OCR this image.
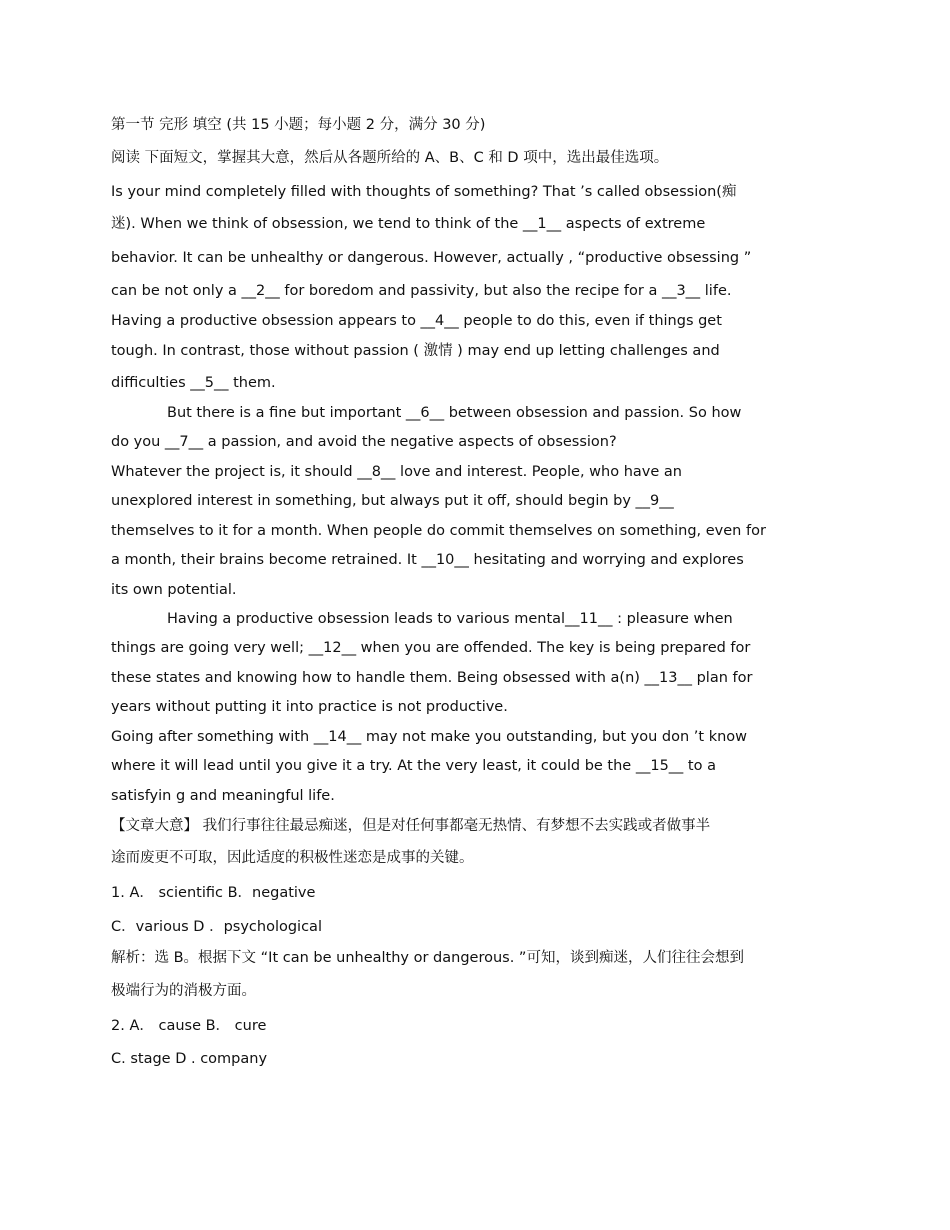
第一节 完形 填空 (共 15 小题；每小题 2 分，满分 30 分)
阅读 下面短文，掌握其大意，然后从各题所给的 A、B、C 和 D 项中，选出最佳选项。
Is your mind completely filled with thoughts of something? That ’s called obsession(痴
迷). When we think of obsession, we tend to think of the __1__ aspects of extreme
behavior. It can be unhealthy or dangerous. However, actually , “productive obsessing ”
can be not only a __2__ for boredom and passivity, but also the recipe for a __3__ life.
Having a productive obsession appears to __4__ people to do this, even if things get
tough. In contrast, those without passion ( 激情 ) may end up letting challenges and
difficulties __5__ them.
But there is a fine but important __6__ between obsession and passion. So how
do you __7__ a passion, and avoid the negative aspects of obsession?
Whatever the project is, it should __8__ love and interest. People, who have an
unexplored interest in something, but always put it off, should begin by __9__
themselves to it for a month. When people do commit themselves on something, even for
a month, their brains become retrained. It __10__ hesitating and worrying and explores
its own potential.
Having a productive obsession leads to various mental__11__ : pleasure when
things are going very well; __12__ when you are offended. The key is being prepared for
these states and knowing how to handle them. Being obsessed with a(n) __13__ plan for
years without putting it into practice is not productive.
Going after something with __14__ may not make you outstanding, but you don ’t know
where it will lead until you give it a try. At the very least, it could be the __15__ to a
satisfyin g and meaningful life.
【文章大意】 我们行事往往最忌痴迷，但是对任何事都毫无热情、有梦想不去实践或者做事半
途而废更不可取，因此适度的积极性迷恋是成事的关键。
1. A． scientific B．negative
C．various D ．psychological
解析：选 B。根据下文 “It can be unhealthy or dangerous. ”可知，谈到痴迷，人们往往会想到
极端行为的消极方面。
2. A． cause B． cure
C. stage D . company
